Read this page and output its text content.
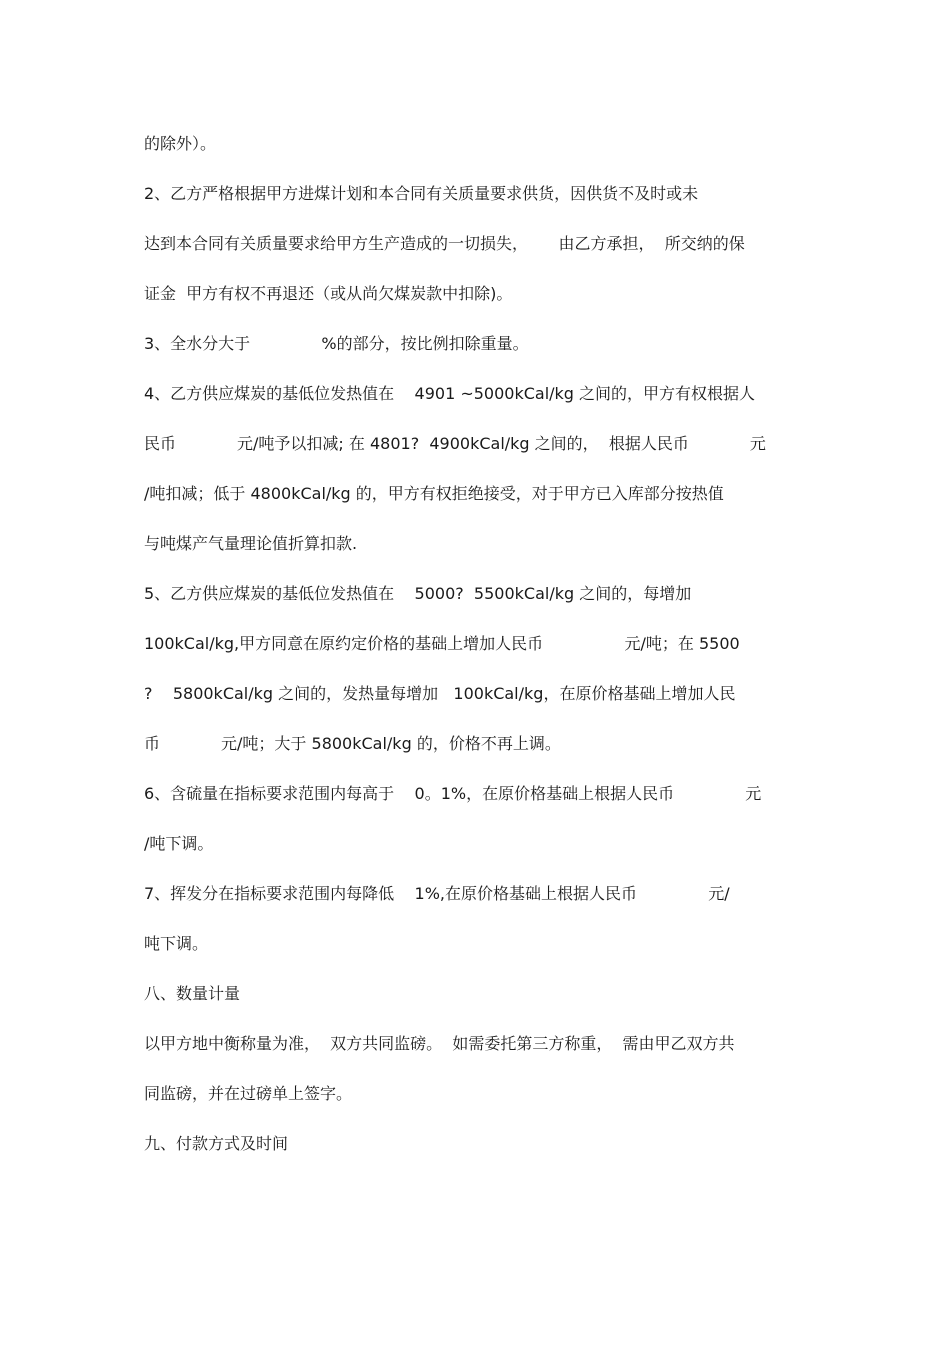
的除外）。
2、乙方严格根据甲方进煤计划和本合同有关质量要求供货，因供货不及时或未
达到本合同有关质量要求给甲方生产造成的一切损失，      由乙方承担，  所交纳的保
证金  甲方有权不再退还（或从尚欠煤炭款中扣除)。
3、全水分大于              %的部分，按比例扣除重量。
4、乙方供应煤炭的基低位发热值在    4901 ~5000kCal/kg 之间的，甲方有权根据人
民币            元/吨予以扣减; 在 4801?  4900kCal/kg 之间的，  根据人民币            元
/吨扣减；低于 4800kCal/kg 的，甲方有权拒绝接受，对于甲方已入库部分按热值
与吨煤产气量理论值折算扣款.
5、乙方供应煤炭的基低位发热值在    5000?  5500kCal/kg 之间的，每增加
100kCal/kg,甲方同意在原约定价格的基础上增加人民币                元/吨；在 5500
?    5800kCal/kg 之间的，发热量每增加   100kCal/kg，在原价格基础上增加人民
币            元/吨；大于 5800kCal/kg 的，价格不再上调。
6、含硫量在指标要求范围内每高于    0。1%，在原价格基础上根据人民币              元
/吨下调。
7、挥发分在指标要求范围内每降低    1%,在原价格基础上根据人民币              元/
吨下调。
八、数量计量
以甲方地中衡称量为准，  双方共同监磅。  如需委托第三方称重，  需由甲乙双方共
同监磅，并在过磅单上签字。
九、付款方式及时间
